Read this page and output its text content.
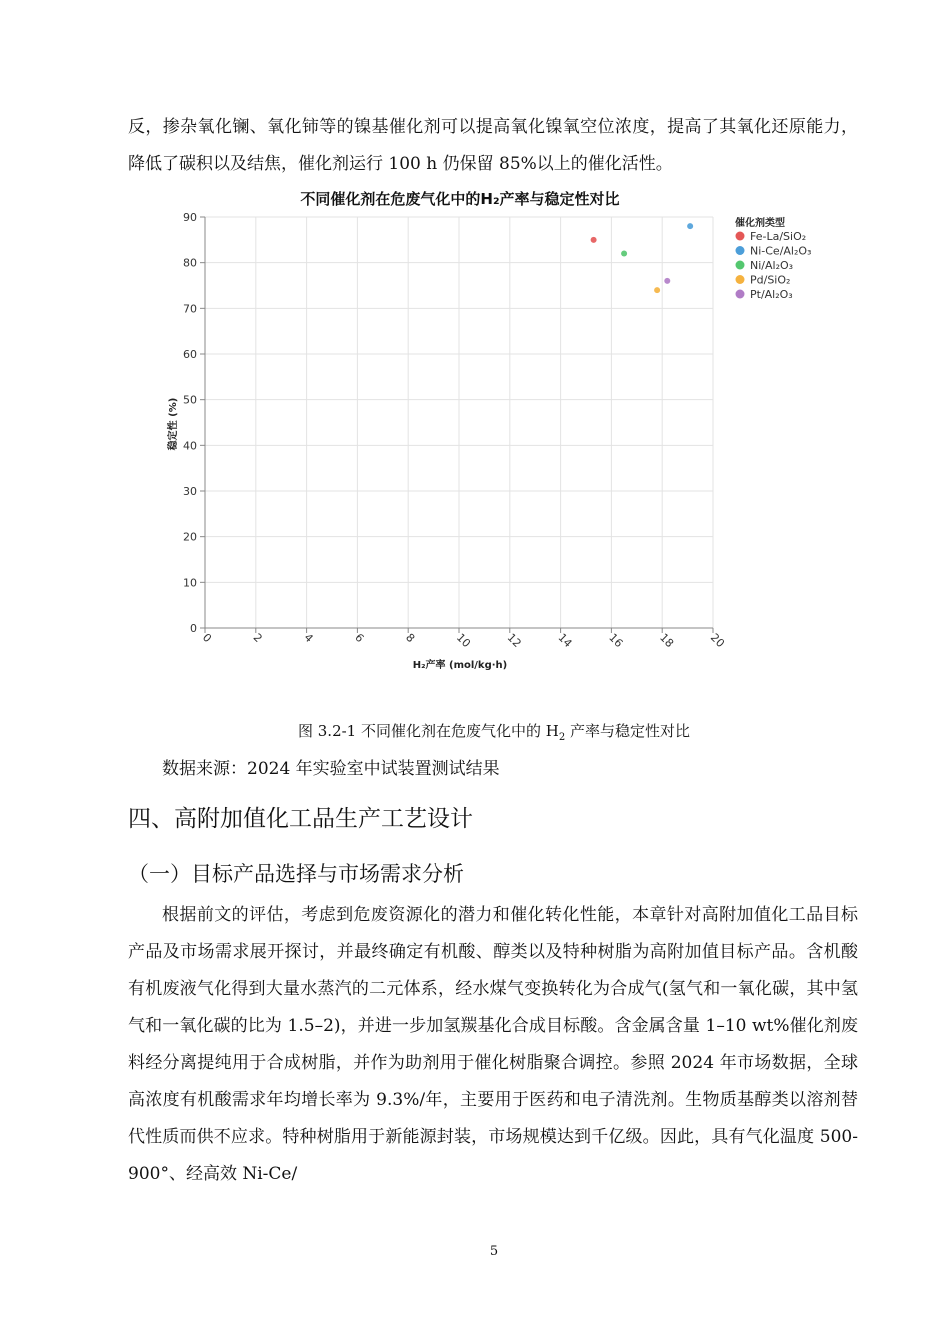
反，掺杂氧化镧、氧化铈等的镍基催化剂可以提高氧化镍氧空位浓度，提高了其氧化还原能力，降低了碳积以及结焦，催化剂运行 100 h 仍保留 85%以上的催化活性。

不同催化剂在危废气化中的H₂产率与稳定性对比
0	2	4	6	8	10	12	14	16	18	20
0
10
20
30
40
50
60
70
80
90
H₂产率 (mol/kg·h)
稳定性 (%)
催化剂类型
Fe-La/SiO₂
Ni-Ce/Al₂O₃
Ni/Al₂O₃
Pd/SiO₂
Pt/Al₂O₃
图 3.2-1 不同催化剂在危废气化中的 $H_2$ 产率与稳定性对比
数据来源：2024 年实验室中试装置测试结果
四、高附加值化工品生产工艺设计
（一）目标产品选择与市场需求分析

根据前文的评估，考虑到危废资源化的潜力和催化转化性能，本章针对高附加值化工品目标产品及市场需求展开探讨，并最终确定有机酸、醇类以及特种树脂为高附加值目标产品。含机酸有机废液气化得到大量水蒸汽的二元体系，经水煤气变换转化为合成气(氢气和一氧化碳，其中氢气和一氧化碳的比为 1.5–2)，并进一步加氢羰基化合成目标酸。含金属含量 1–10 wt%催化剂废料经分离提纯用于合成树脂，并作为助剂用于催化树脂聚合调控。参照 2024 年市场数据，全球高浓度有机酸需求年均增长率为 9.3%/年，主要用于医药和电子清洗剂。生物质基醇类以溶剂替代性质而供不应求。特种树脂用于新能源封装，市场规模达到千亿级。因此，具有气化温度 500-900°、经高效 Ni-Ce/

5
